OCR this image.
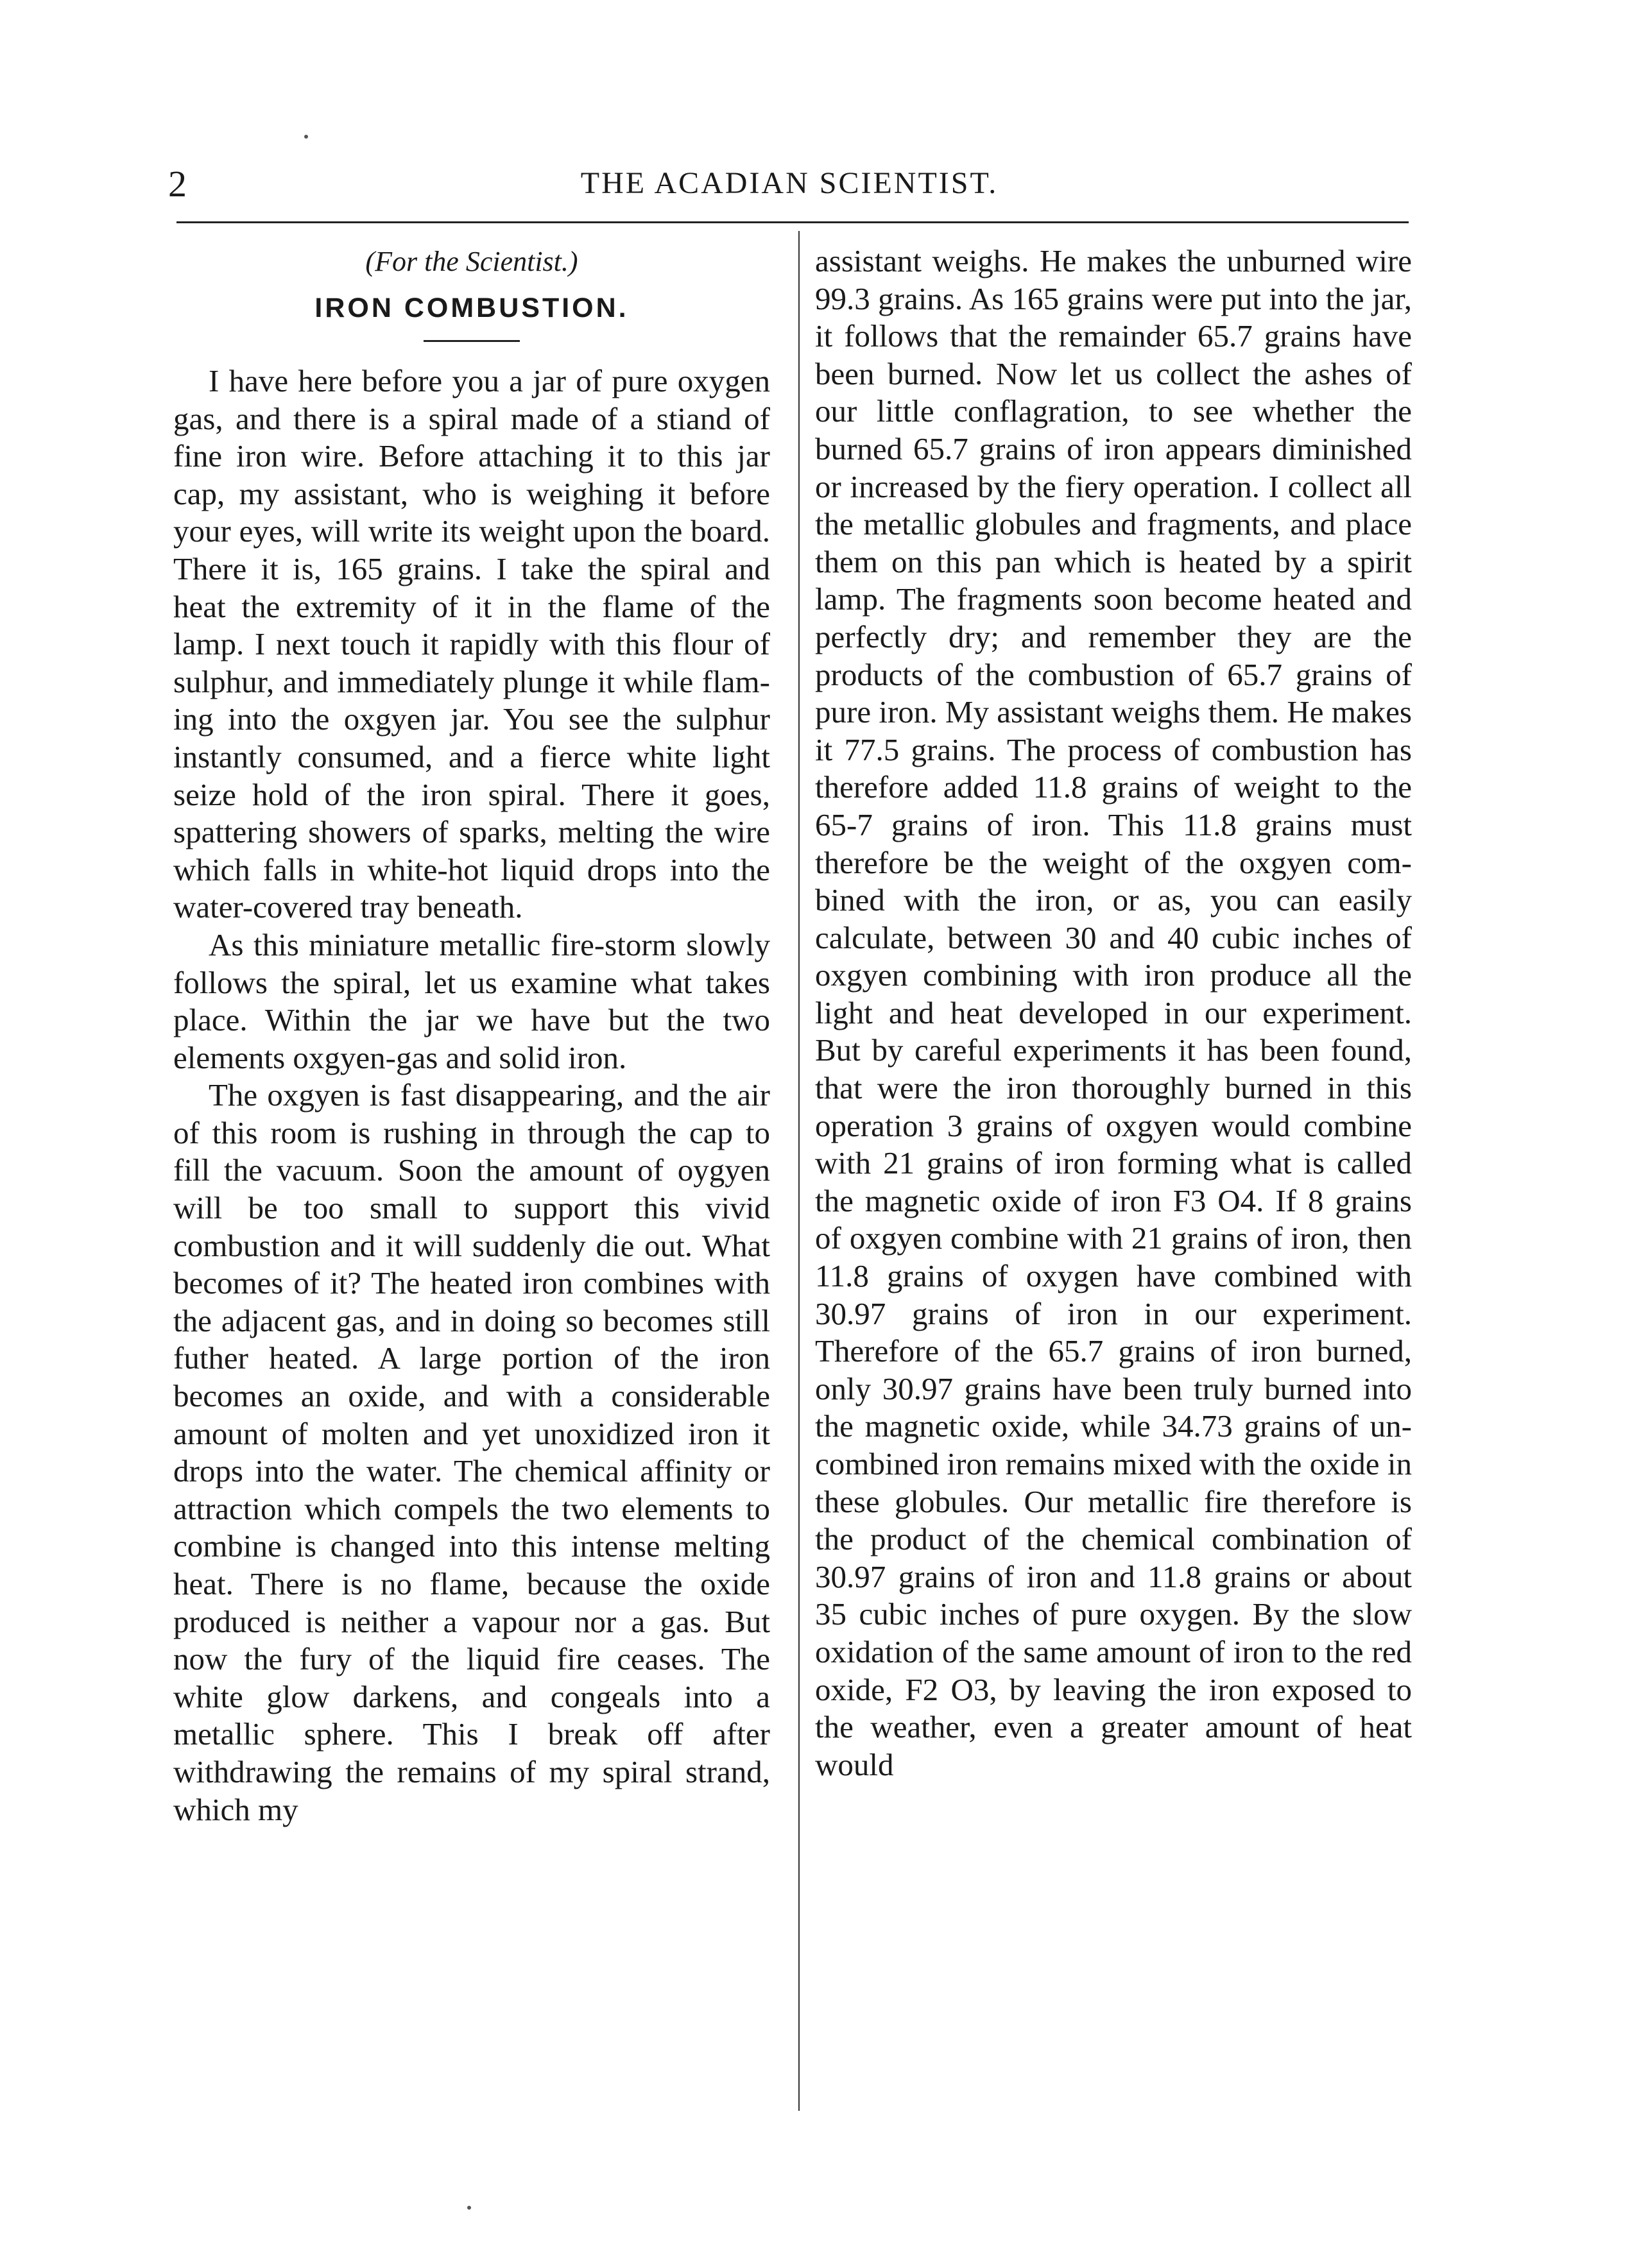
2	THE ACADIAN SCIENTIST.
(For the Scientist.)
IRON COMBUSTION.

I have here before you a jar of pure oxygen gas, and there is a spiral made of a stiand of fine iron wire. Before attaching it to this jar cap, my assistant, who is weighing it before your eyes, will write its weight upon the board. There it is, 165 grains. I take the spiral and heat the extremity of it in the flame of the lamp. I next touch it rapidly with this flour of sulphur, and immediately plunge it while flaming into the oxgyen jar. You see the sulphur instantly consumed, and a fierce white light seize hold of the iron spiral. There it goes, spattering showers of sparks, melting the wire which falls in white-hot liquid drops into the water-covered tray beneath.

As this miniature metallic fire-storm slowly follows the spiral, let us examine what takes place. Within the jar we have but the two elements oxgyen-gas and solid iron.

The oxgyen is fast disappearing, and the air of this room is rushing in through the cap to fill the vacuum. Soon the amount of oygyen will be too small to support this vivid combustion and it will suddenly die out. What becomes of it? The heated iron combines with the adjacent gas, and in doing so becomes still futher heated. A large portion of the iron becomes an oxide, and with a considerable amount of molten and yet unoxidized iron it drops into the water. The chemical affinity or attraction which compels the two elements to combine is changed into this intense melting heat. There is no flame, because the oxide produced is neither a vapour nor a gas. But now the fury of the liquid fire ceases. The white glow darkens, and congeals into a metallic sphere. This I break off after withdrawing the remains of my spiral strand, which my

assistant weighs. He makes the unburned wire 99.3 grains. As 165 grains were put into the jar, it follows that the remainder 65.7 grains have been burned. Now let us collect the ashes of our little conflagration, to see whether the burned 65.7 grains of iron appears diminished or increased by the fiery operation. I collect all the metallic globules and fragments, and place them on this pan which is heated by a spirit lamp. The fragments soon become heated and perfectly dry; and remember they are the products of the combustion of 65.7 grains of pure iron. My assistant weighs them. He makes it 77.5 grains. The process of combustion has therefore added 11.8 grains of weight to the 65-7 grains of iron. This 11.8 grains must therefore be the weight of the oxgyen combined with the iron, or as, you can easily calculate, between 30 and 40 cubic inches of oxgyen combining with iron produce all the light and heat developed in our experiment. But by careful experiments it has been found, that were the iron thoroughly burned in this operation 3 grains of oxgyen would combine with 21 grains of iron forming what is called the magnetic oxide of iron F3 O4. If 8 grains of oxgyen combine with 21 grains of iron, then 11.8 grains of oxygen have combined with 30.97 grains of iron in our experiment. Therefore of the 65.7 grains of iron burned, only 30.97 grains have been truly burned into the magnetic oxide, while 34.73 grains of uncombined iron remains mixed with the oxide in these globules. Our metallic fire therefore is the product of the chemical combination of 30.97 grains of iron and 11.8 grains or about 35 cubic inches of pure oxygen. By the slow oxidation of the same amount of iron to the red oxide, F2 O3, by leaving the iron exposed to the weather, even a greater amount of heat would
